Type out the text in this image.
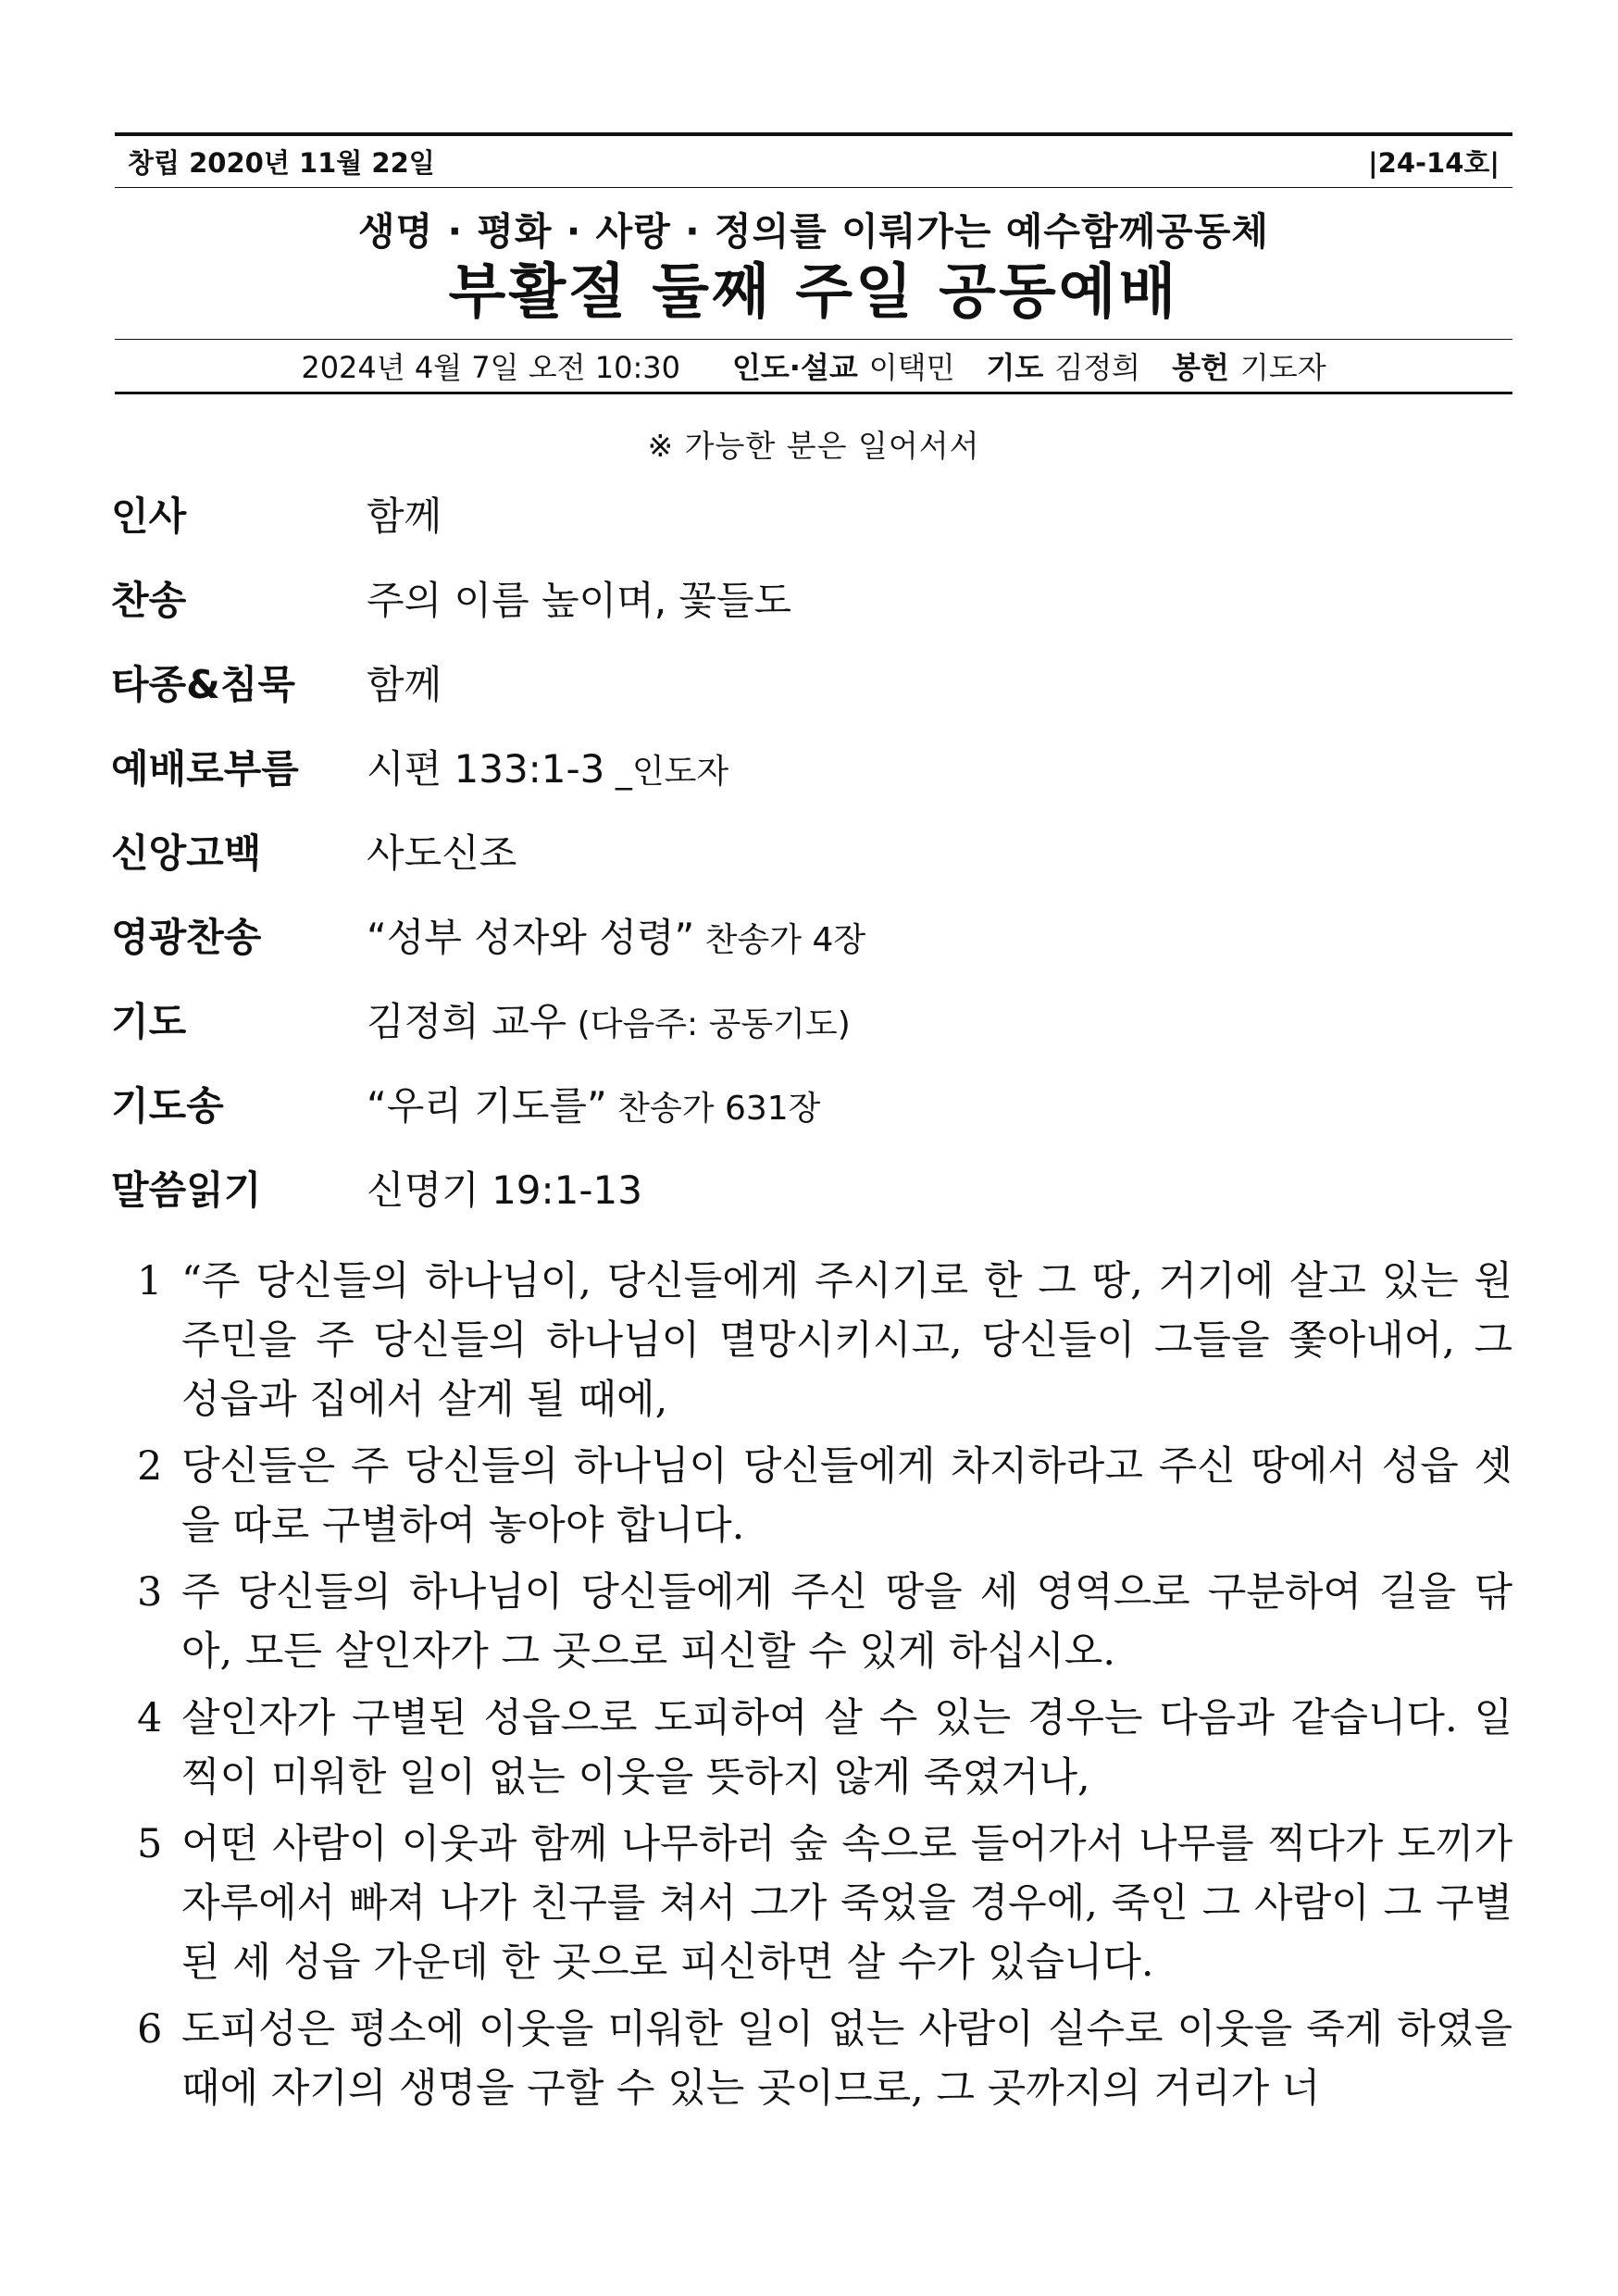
창립 2020년 11월 22일	|24-14호|
생명 · 평화 · 사랑 · 정의를 이뤄가는 예수함께공동체
부활절 둘째 주일 공동예배
2024년 4월 7일 오전 10:30 인도·설교 이택민 기도 김정희 봉헌 기도자
※ 가능한 분은 일어서서
인사	함께
찬송	주의 이름 높이며, 꽃들도
타종&침묵	함께
예배로부름	시편 133:1-3 _인도자
신앙고백	사도신조
영광찬송	“성부 성자와 성령” 찬송가 4장
기도	김정희 교우 (다음주: 공동기도)
기도송	“우리 기도를” 찬송가 631장
말씀읽기	신명기 19:1-13
1 “주 당신들의 하나님이, 당신들에게 주시기로 한 그 땅, 거기에 살고 있는 원주민을 주 당신들의 하나님이 멸망시키시고, 당신들이 그들을 쫓아내어, 그 성읍과 집에서 살게 될 때에,
2 당신들은 주 당신들의 하나님이 당신들에게 차지하라고 주신 땅에서 성읍 셋을 따로 구별하여 놓아야 합니다.
3 주 당신들의 하나님이 당신들에게 주신 땅을 세 영역으로 구분하여 길을 닦아, 모든 살인자가 그 곳으로 피신할 수 있게 하십시오.
4 살인자가 구별된 성읍으로 도피하여 살 수 있는 경우는 다음과 같습니다. 일찍이 미워한 일이 없는 이웃을 뜻하지 않게 죽였거나,
5 어떤 사람이 이웃과 함께 나무하러 숲 속으로 들어가서 나무를 찍다가 도끼가 자루에서 빠져 나가 친구를 쳐서 그가 죽었을 경우에, 죽인 그 사람이 그 구별된 세 성읍 가운데 한 곳으로 피신하면 살 수가 있습니다.
6 도피성은 평소에 이웃을 미워한 일이 없는 사람이 실수로 이웃을 죽게 하였을 때에 자기의 생명을 구할 수 있는 곳이므로, 그 곳까지의 거리가 너
